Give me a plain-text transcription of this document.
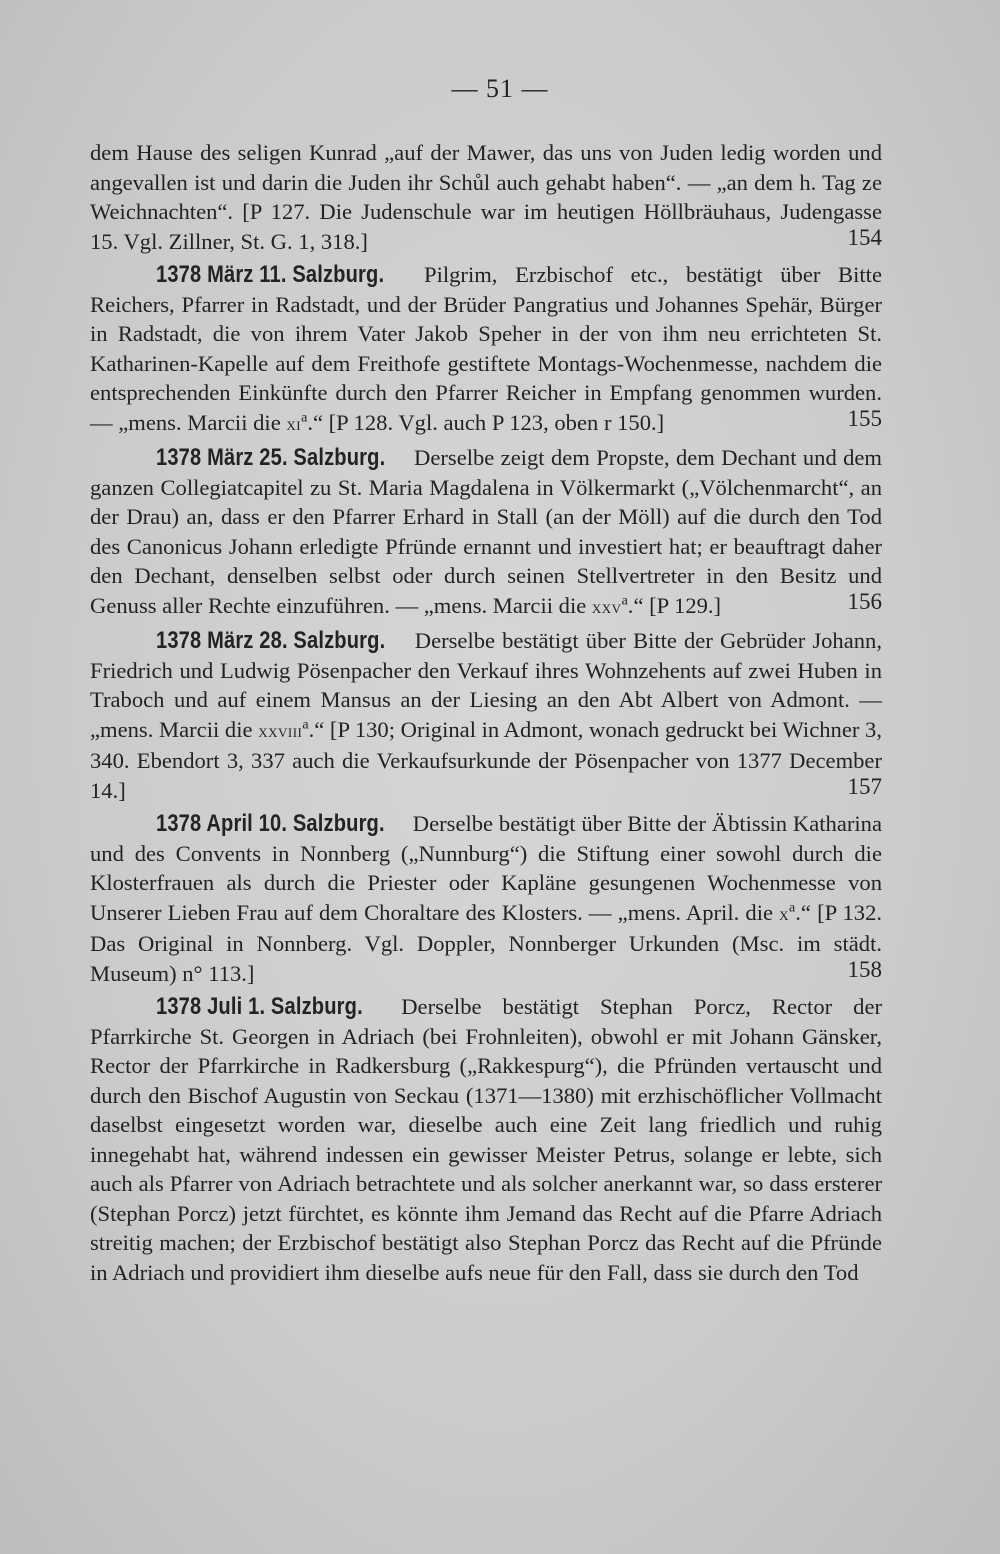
— 51 —

dem Hause des seligen Kunrad „auf der Mawer, das uns von Juden ledig worden und angevallen ist und darin die Juden ihr Schůl auch gehabt haben“. — „an dem h. Tag ze Weichnachten“. [P 127. Die Judenschule war im heutigen Höllbräuhaus, Judengasse 15. Vgl. Zillner, St. G. 1, 318.]	154

1378 März 11. Salzburg. Pilgrim, Erzbischof etc., bestätigt über Bitte Reichers, Pfarrer in Radstadt, und der Brüder Pangratius und Johannes Spehär, Bürger in Radstadt, die von ihrem Vater Jakob Speher in der von ihm neu errichteten St. Katharinen-Kapelle auf dem Freithofe gestiftete Montags-Wochenmesse, nachdem die entsprechenden Einkünfte durch den Pfarrer Reicher in Empfang genommen wurden. — „mens. Marcii die $xi^a.“$ [P 128. Vgl. auch P 123, oben r 150.]	155

1378 März 25. Salzburg. Derselbe zeigt dem Propste, dem Dechant und dem ganzen Collegiatcapitel zu St. Maria Magdalena in Völkermarkt („Völchenmarcht“, an der Drau) an, dass er den Pfarrer Erhard in Stall (an der Möll) auf die durch den Tod des Canonicus Johann erledigte Pfründe ernannt und investiert hat; er beauftragt daher den Dechant, denselben selbst oder durch seinen Stellvertreter in den Besitz und Genuss aller Rechte einzuführen. — „mens. Marcii die xxv$^a$.“ [P 129.]	156

1378 März 28. Salzburg. Derselbe bestätigt über Bitte der Gebrüder Johann, Friedrich und Ludwig Pösenpacher den Verkauf ihres Wohnzehents auf zwei Huben in Traboch und auf einem Mansus an der Liesing an den Abt Albert von Admont. — „mens. Marcii die xxviii$^a$.“ [P 130; Original in Admont, wonach gedruckt bei Wichner 3, 340. Ebendort 3, 337 auch die Verkaufsurkunde der Pösenpacher von 1377 December 14.]	157

1378 April 10. Salzburg. Derselbe bestätigt über Bitte der Äbtissin Katharina und des Convents in Nonnberg („Nunnburg“) die Stiftung einer sowohl durch die Klosterfrauen als durch die Priester oder Kapläne gesungenen Wochenmesse von Unserer Lieben Frau auf dem Choraltare des Klosters. — „mens. April. die $x^a.“$ [P 132. Das Original in Nonnberg. Vgl. Doppler, Nonnberger Urkunden (Msc. im städt. Museum) n° 113.]	158

1378 Juli 1. Salzburg. Derselbe bestätigt Stephan Porcz, Rector der Pfarrkirche St. Georgen in Adriach (bei Frohnleiten), obwohl er mit Johann Gänsker, Rector der Pfarrkirche in Radkersburg („Rakkespurg“), die Pfründen vertauscht und durch den Bischof Augustin von Seckau (1371—1380) mit erzhischöflicher Vollmacht daselbst eingesetzt worden war, dieselbe auch eine Zeit lang friedlich und ruhig innegehabt hat, während indessen ein gewisser Meister Petrus, solange er lebte, sich auch als Pfarrer von Adriach betrachtete und als solcher anerkannt war, so dass ersterer (Stephan Porcz) jetzt fürchtet, es könnte ihm Jemand das Recht auf die Pfarre Adriach streitig machen; der Erzbischof bestätigt also Stephan Porcz das Recht auf die Pfründe in Adriach und providiert ihm dieselbe aufs neue für den Fall, dass sie durch den Tod
